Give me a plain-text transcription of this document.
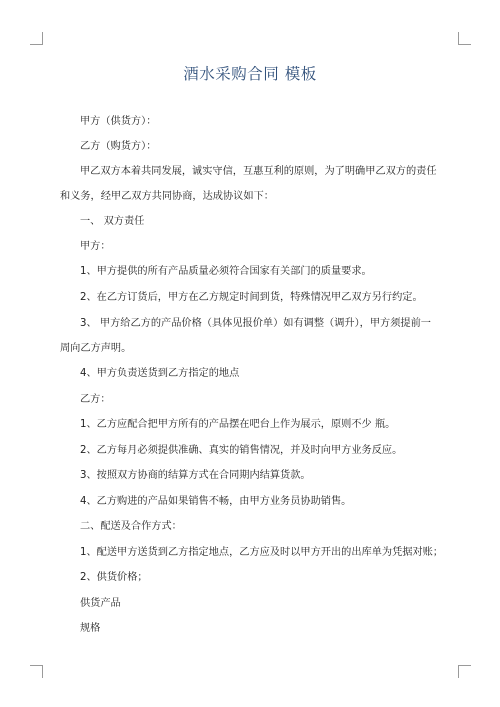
酒水采购合同 模板
甲方（供货方）：
乙方（购货方）：
甲乙双方本着共同发展，诚实守信，互惠互利的原则，为了明确甲乙双方的责任
和义务，经甲乙双方共同协商，达成协议如下：
一、 双方责任
甲方：
1、甲方提供的所有产品质量必须符合国家有关部门的质量要求。
2、在乙方订货后，甲方在乙方规定时间到货，特殊情况甲乙双方另行约定。
3、 甲方给乙方的产品价格（具体见报价单）如有调整（调升），甲方须提前一
周向乙方声明。
4、甲方负责送货到乙方指定的地点
乙方：
1、乙方应配合把甲方所有的产品摆在吧台上作为展示，原则不少 瓶。
2、乙方每月必须提供准确、真实的销售情况，并及时向甲方业务反应。
3、按照双方协商的结算方式在合同期内结算货款。
4、乙方购进的产品如果销售不畅，由甲方业务员协助销售。
二、配送及合作方式：
1、配送甲方送货到乙方指定地点，乙方应及时以甲方开出的出库单为凭据对账；
2、供货价格；
供货产品
规格
